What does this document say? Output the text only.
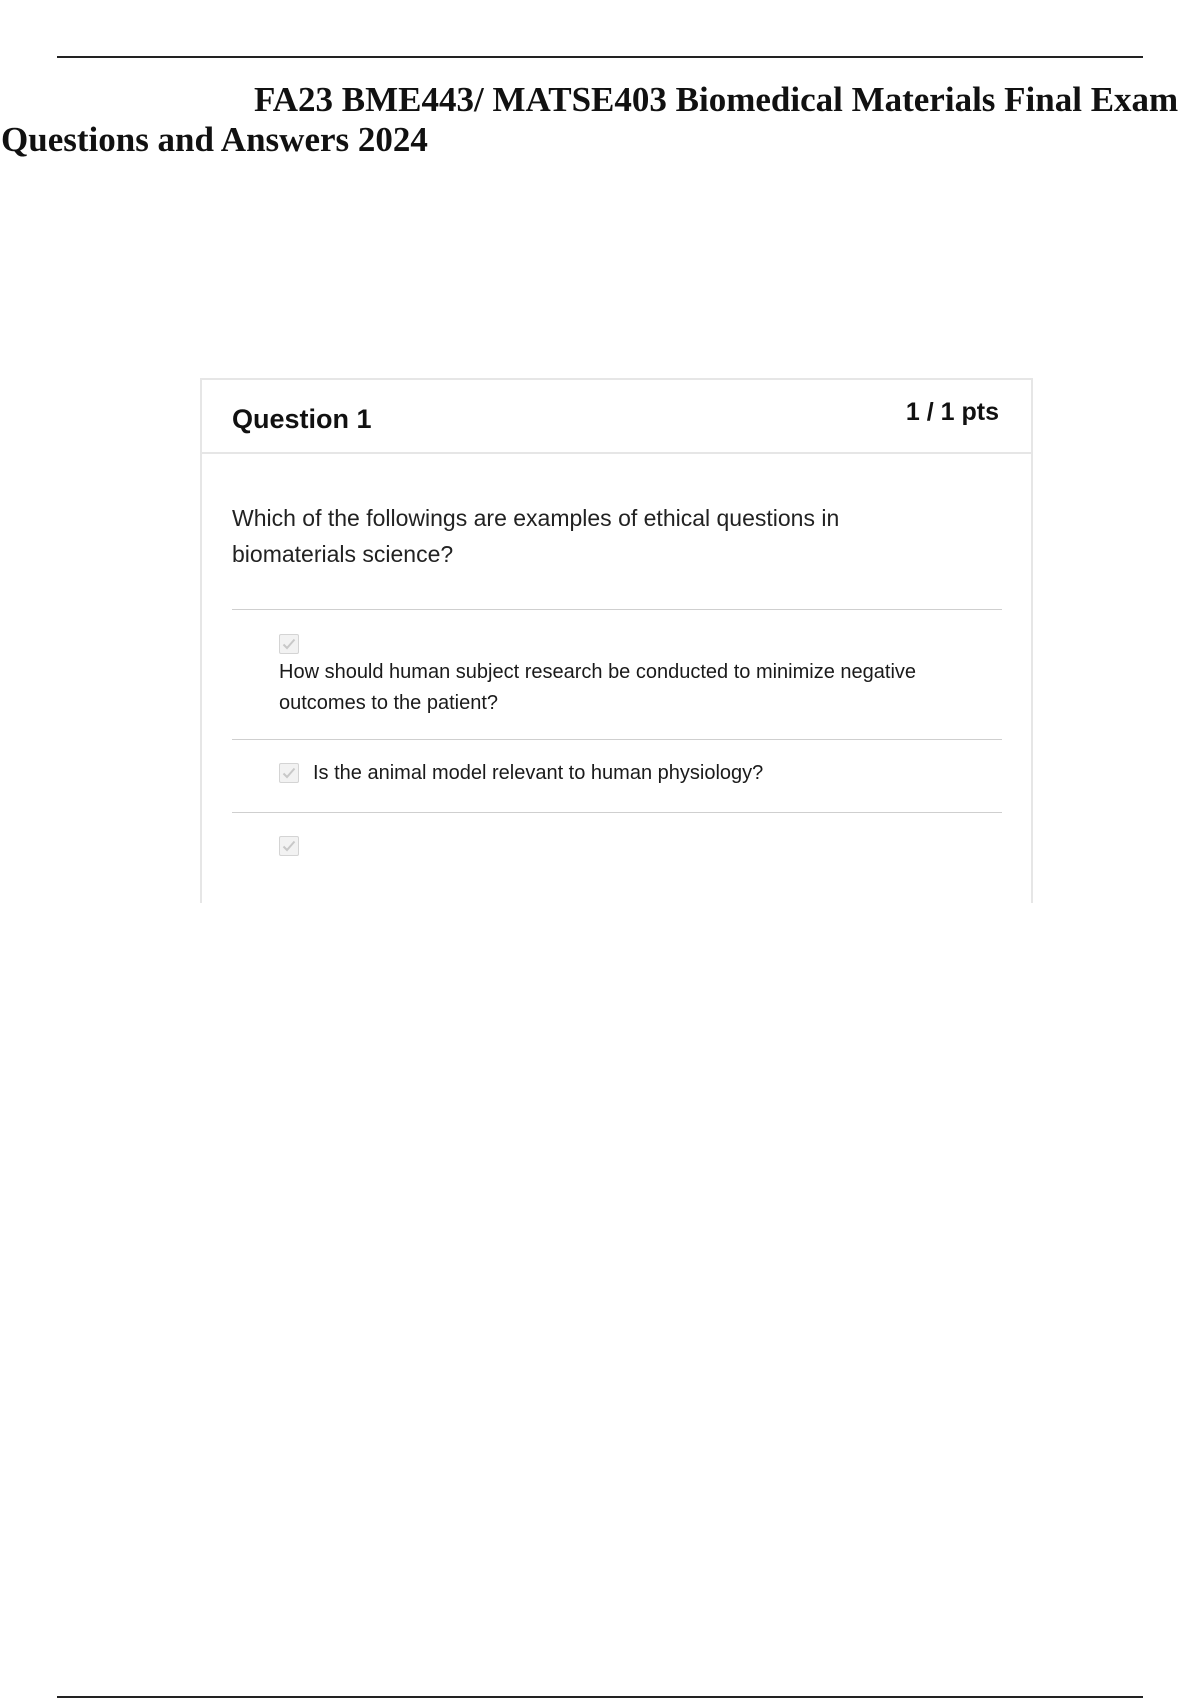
FA23 BME443/ MATSE403 Biomedical Materials Final Exam
Questions and Answers 2024
Question 1	1 / 1 pts
Which of the followings are examples of ethical questions in biomaterials science?
How should human subject research be conducted to minimize negative outcomes to the patient?
Is the animal model relevant to human physiology?
